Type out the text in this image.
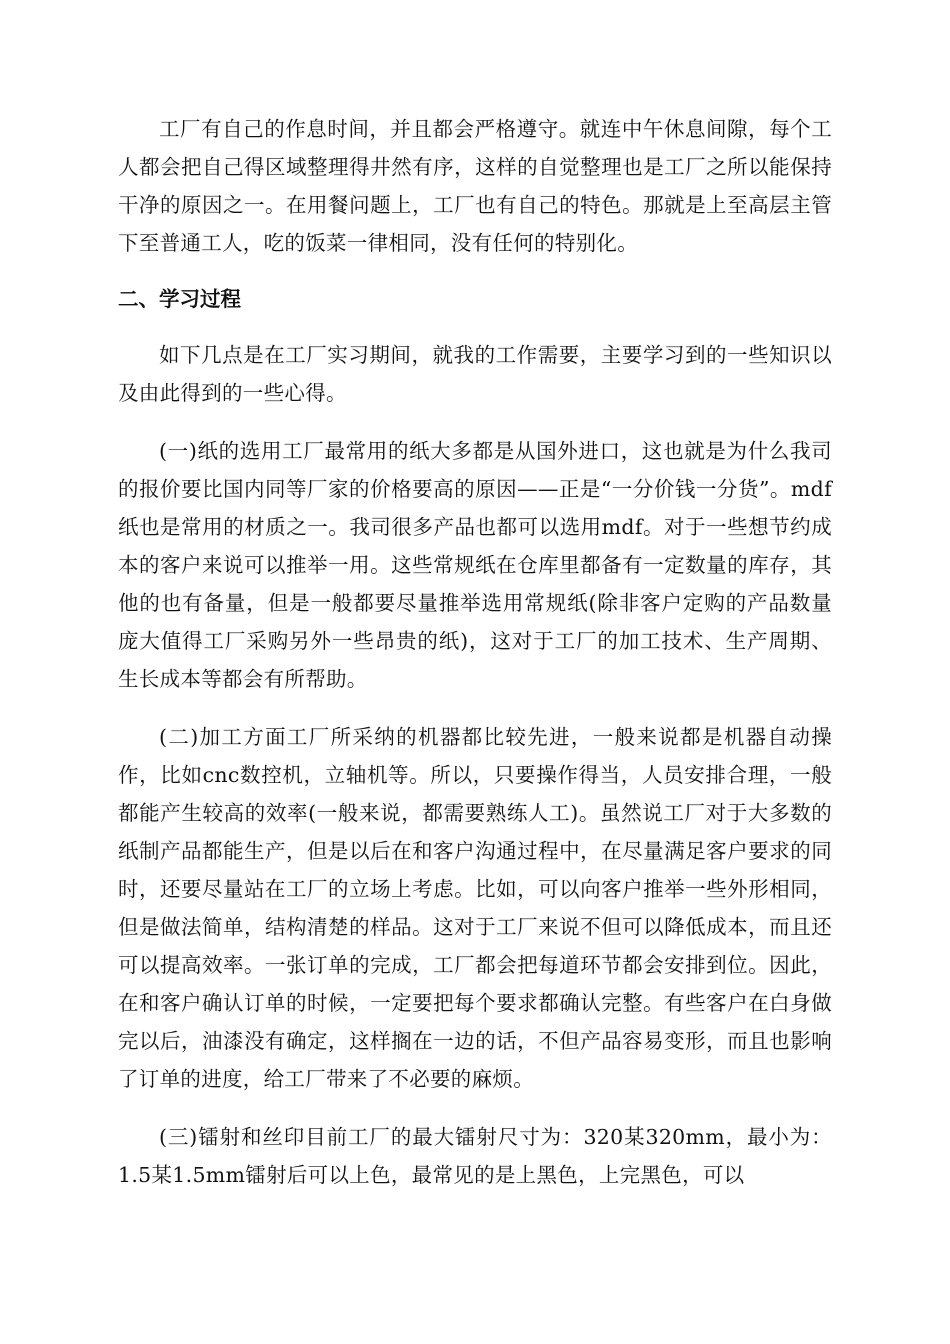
工厂有自己的作息时间，并且都会严格遵守。就连中午休息间隙，每个工人都会把自己得区域整理得井然有序，这样的自觉整理也是工厂之所以能保持干净的原因之一。在用餐问题上，工厂也有自己的特色。那就是上至高层主管下至普通工人，吃的饭菜一律相同，没有任何的特别化。

二、学习过程

如下几点是在工厂实习期间，就我的工作需要，主要学习到的一些知识以及由此得到的一些心得。

(一)纸的选用工厂最常用的纸大多都是从国外进口，这也就是为什么我司的报价要比国内同等厂家的价格要高的原因——正是“一分价钱一分货”。mdf纸也是常用的材质之一。我司很多产品也都可以选用mdf。对于一些想节约成本的客户来说可以推举一用。这些常规纸在仓库里都备有一定数量的库存，其他的也有备量，但是一般都要尽量推举选用常规纸(除非客户定购的产品数量庞大值得工厂采购另外一些昂贵的纸)，这对于工厂的加工技术、生产周期、生长成本等都会有所帮助。

(二)加工方面工厂所采纳的机器都比较先进，一般来说都是机器自动操作，比如cnc数控机，立轴机等。所以，只要操作得当，人员安排合理，一般都能产生较高的效率(一般来说，都需要熟练人工)。虽然说工厂对于大多数的纸制产品都能生产，但是以后在和客户沟通过程中，在尽量满足客户要求的同时，还要尽量站在工厂的立场上考虑。比如，可以向客户推举一些外形相同，但是做法简单，结构清楚的样品。这对于工厂来说不但可以降低成本，而且还可以提高效率。一张订单的完成，工厂都会把每道环节都会安排到位。因此，在和客户确认订单的时候，一定要把每个要求都确认完整。有些客户在白身做完以后，油漆没有确定，这样搁在一边的话，不但产品容易变形，而且也影响了订单的进度，给工厂带来了不必要的麻烦。

(三)镭射和丝印目前工厂的最大镭射尺寸为：320某320mm，最小为：1.5某1.5mm镭射后可以上色，最常见的是上黑色，上完黑色，可以
